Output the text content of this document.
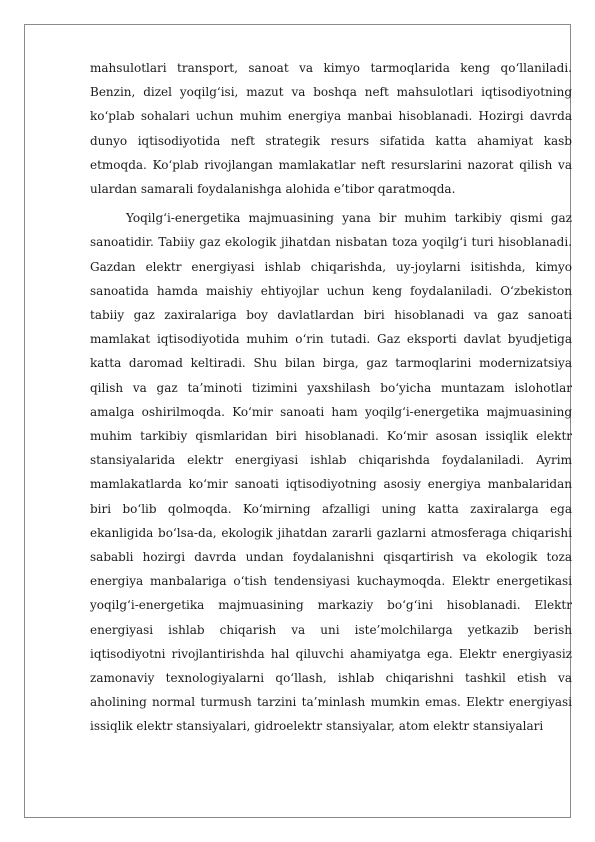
mahsulotlari transport, sanoat va kimyo tarmoqlarida keng qo‘llaniladi. Benzin, dizel yoqilg‘isi, mazut va boshqa neft mahsulotlari iqtisodiyotning ko‘plab sohalari uchun muhim energiya manbai hisoblanadi. Hozirgi davrda dunyo iqtisodiyotida neft strategik resurs sifatida katta ahamiyat kasb etmoqda. Ko‘plab rivojlangan mamlakatlar neft resurslarini nazorat qilish va ulardan samarali foydalanishga alohida e’tibor qaratmoqda.

Yoqilg‘i-energetika majmuasining yana bir muhim tarkibiy qismi gaz sanoatidir. Tabiiy gaz ekologik jihatdan nisbatan toza yoqilg‘i turi hisoblanadi. Gazdan elektr energiyasi ishlab chiqarishda, uy-joylarni isitishda, kimyo sanoatida hamda maishiy ehtiyojlar uchun keng foydalaniladi. O‘zbekiston tabiiy gaz zaxiralariga boy davlatlardan biri hisoblanadi va gaz sanoati mamlakat iqtisodiyotida muhim o‘rin tutadi. Gaz eksporti davlat byudjetiga katta daromad keltiradi. Shu bilan birga, gaz tarmoqlarini modernizatsiya qilish va gaz ta’minoti tizimini yaxshilash bo‘yicha muntazam islohotlar amalga oshirilmoqda. Ko‘mir sanoati ham yoqilg‘i-energetika majmuasining muhim tarkibiy qismlaridan biri hisoblanadi. Ko‘mir asosan issiqlik elektr stansiyalarida elektr energiyasi ishlab chiqarishda foydalaniladi. Ayrim mamlakatlarda ko‘mir sanoati iqtisodiyotning asosiy energiya manbalaridan biri bo‘lib qolmoqda. Ko‘mirning afzalligi uning katta zaxiralarga ega ekanligida bo‘lsa-da, ekologik jihatdan zararli gazlarni atmosferaga chiqarishi sababli hozirgi davrda undan foydalanishni qisqartirish va ekologik toza energiya manbalariga o‘tish tendensiyasi kuchaymoqda. Elektr energetikasi yoqilg‘i-energetika majmuasining markaziy bo‘g‘ini hisoblanadi. Elektr energiyasi ishlab chiqarish va uni iste’molchilarga yetkazib berish iqtisodiyotni rivojlantirishda hal qiluvchi ahamiyatga ega. Elektr energiyasiz zamonaviy texnologiyalarni qo‘llash, ishlab chiqarishni tashkil etish va aholining normal turmush tarzini ta’minlash mumkin emas. Elektr energiyasi issiqlik elektr stansiyalari, gidroelektr stansiyalar, atom elektr stansiyalari
